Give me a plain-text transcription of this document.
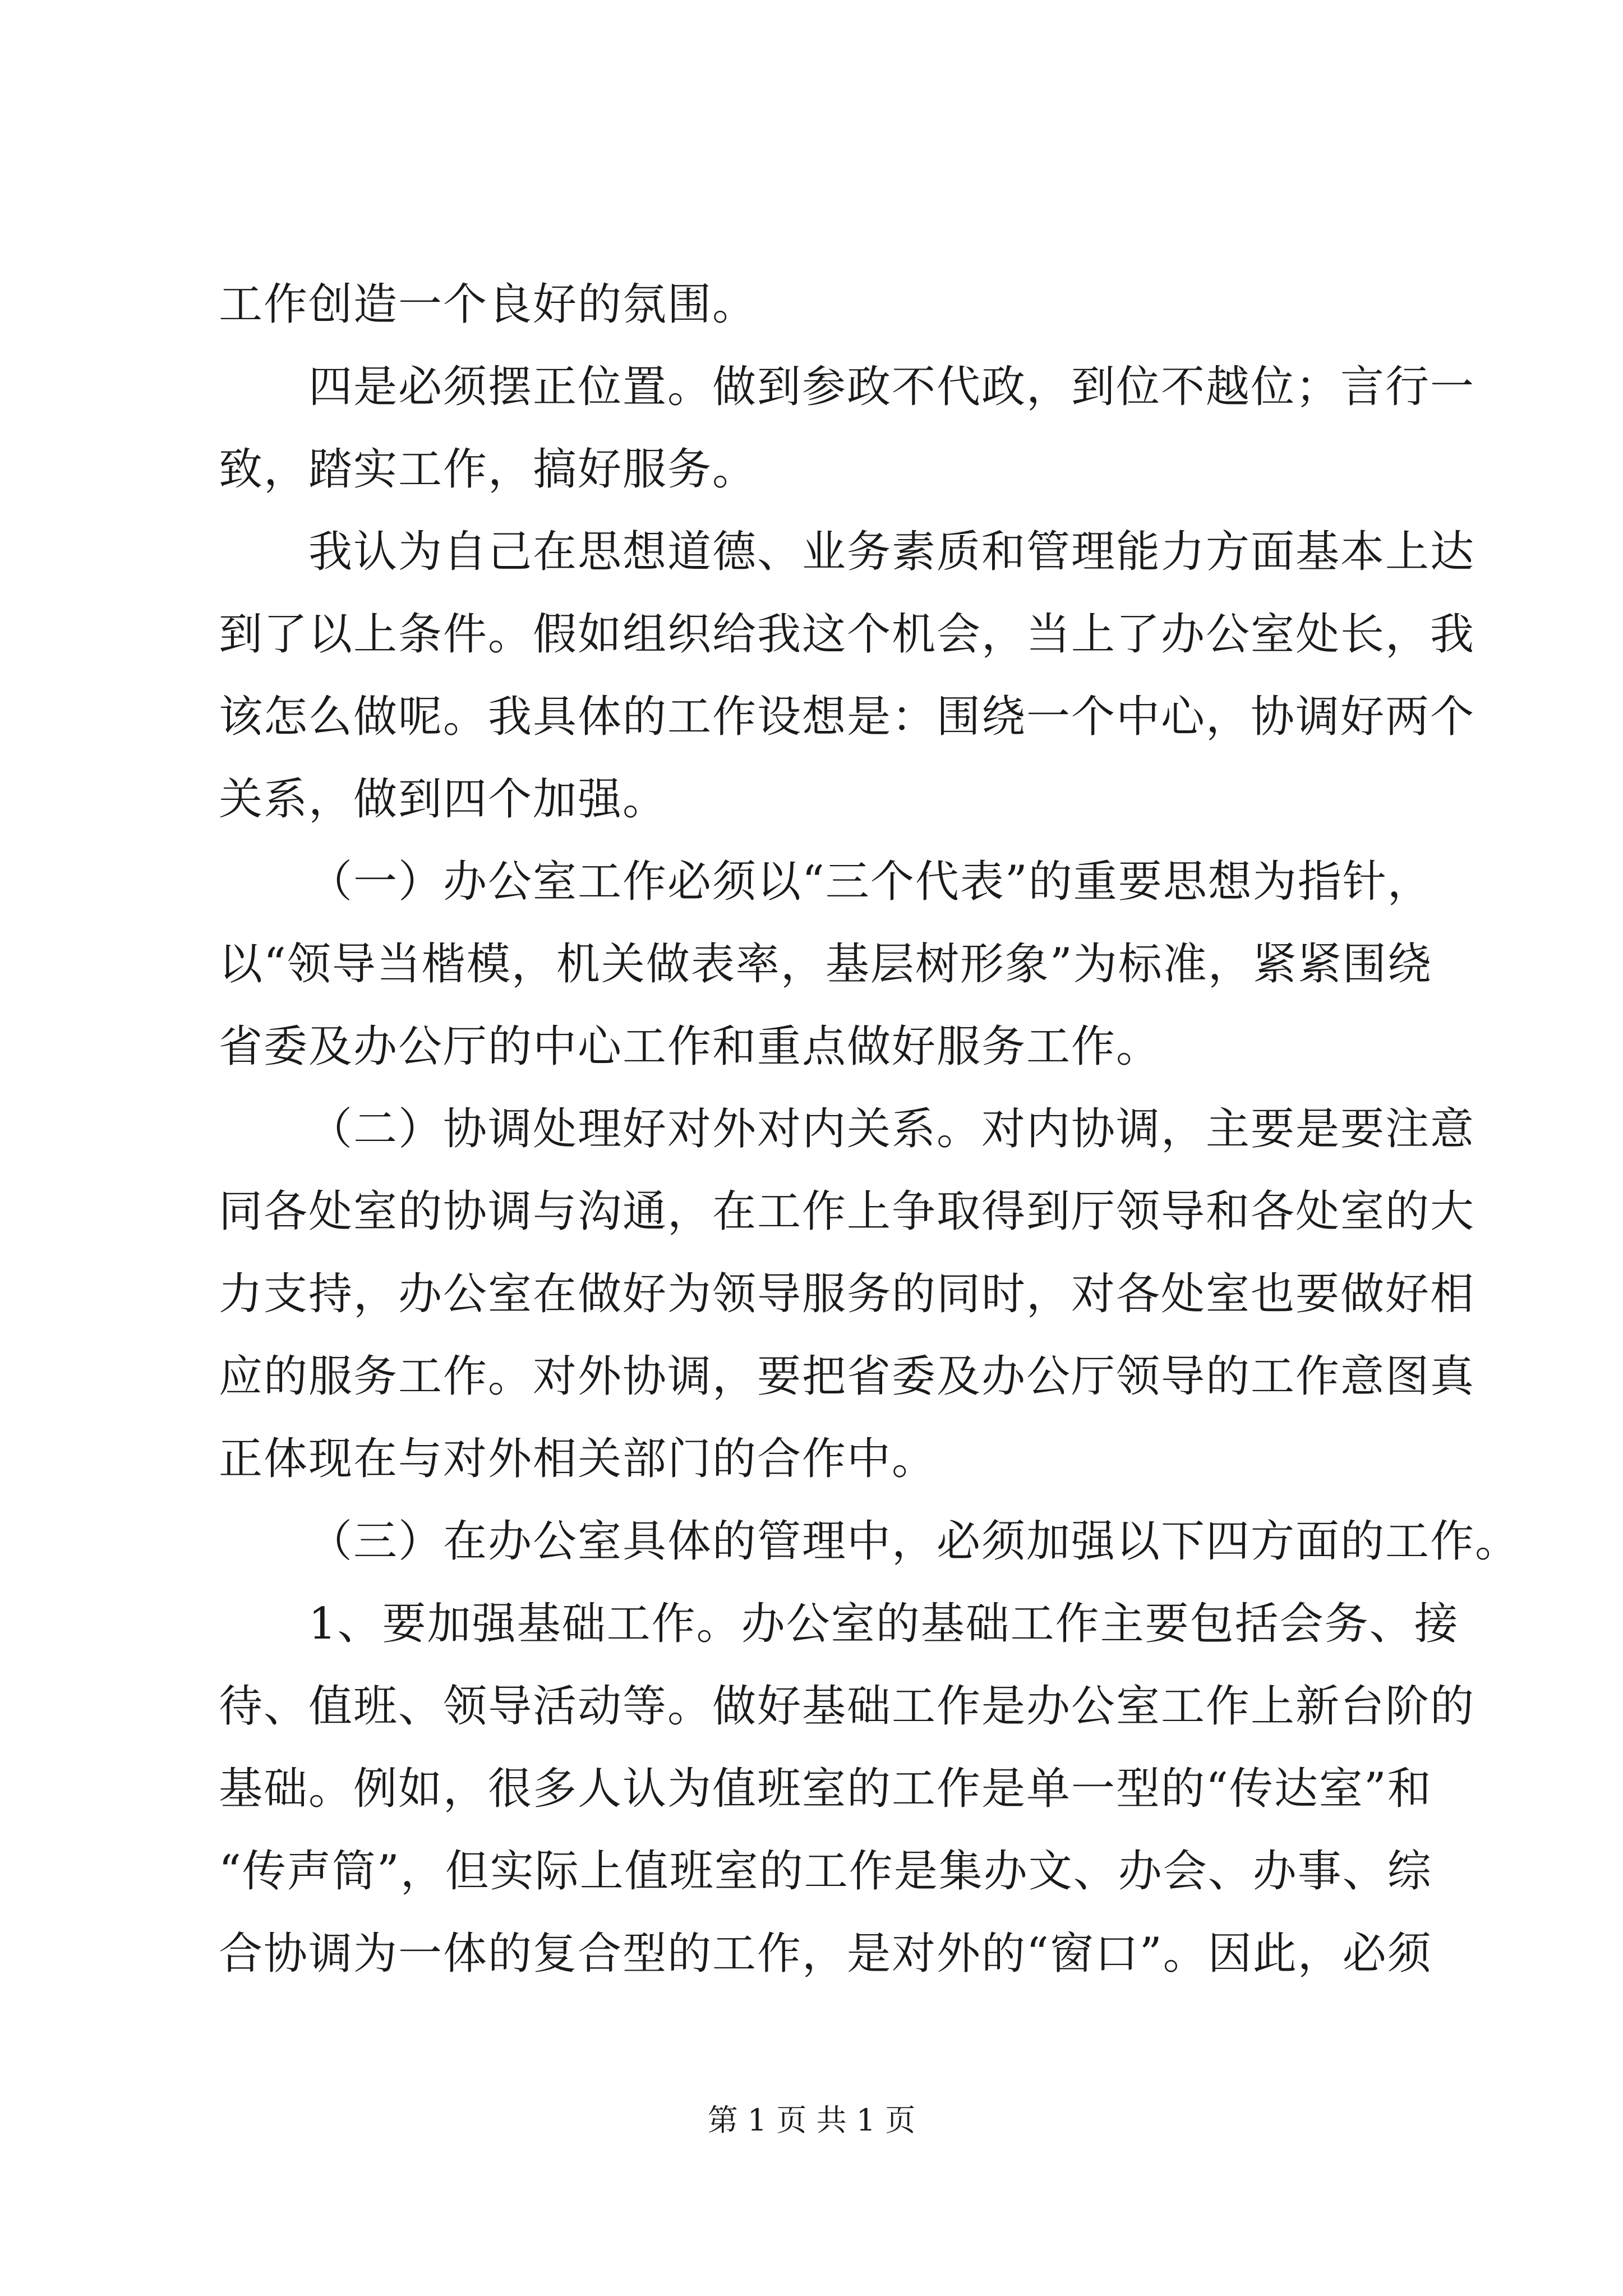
工作创造一个良好的氛围。
四是必须摆正位置。做到参政不代政，到位不越位；言行一
致，踏实工作，搞好服务。
我认为自己在思想道德、业务素质和管理能力方面基本上达
到了以上条件。假如组织给我这个机会，当上了办公室处长，我
该怎么做呢。我具体的工作设想是：围绕一个中心，协调好两个
关系，做到四个加强。
（一）办公室工作必须以“三个代表”的重要思想为指针，
以“领导当楷模，机关做表率，基层树形象”为标准，紧紧围绕
省委及办公厅的中心工作和重点做好服务工作。
（二）协调处理好对外对内关系。对内协调，主要是要注意
同各处室的协调与沟通，在工作上争取得到厅领导和各处室的大
力支持，办公室在做好为领导服务的同时，对各处室也要做好相
应的服务工作。对外协调，要把省委及办公厅领导的工作意图真
正体现在与对外相关部门的合作中。
（三）在办公室具体的管理中，必须加强以下四方面的工作。
1、要加强基础工作。办公室的基础工作主要包括会务、接
待、值班、领导活动等。做好基础工作是办公室工作上新台阶的
基础。例如，很多人认为值班室的工作是单一型的“传达室”和
“传声筒”，但实际上值班室的工作是集办文、办会、办事、综
合协调为一体的复合型的工作，是对外的“窗口”。因此，必须
第 1 页 共 1 页
